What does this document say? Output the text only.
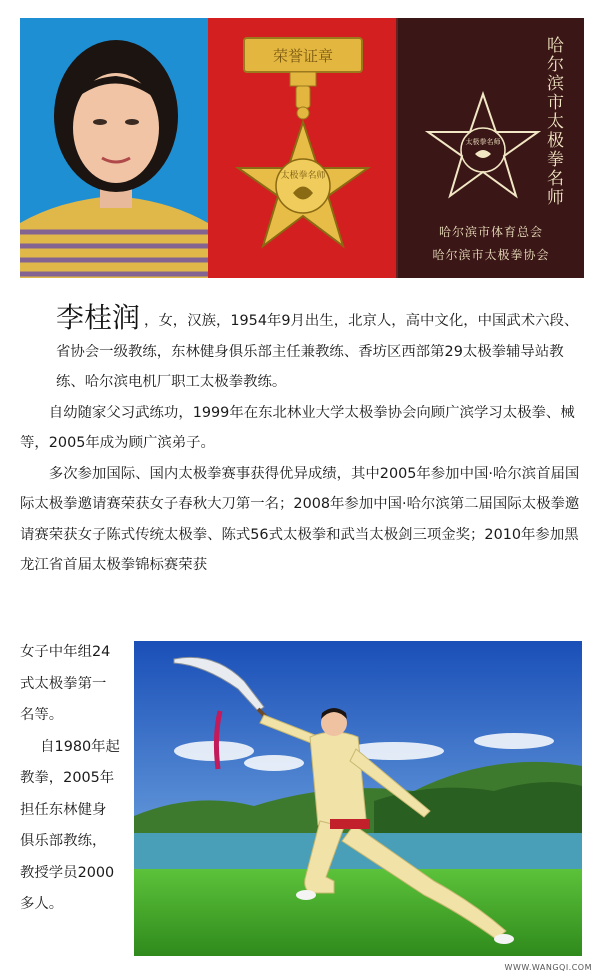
荣誉证章
太极拳名师	哈尔滨市太极拳名师
太极拳名师
哈尔滨市体育总会
哈尔滨市太极拳协会

李桂润 ，女，汉族，1954年9月出生，北京人，高中文化，中国武术六段、省协会一级教练，东林健身俱乐部主任兼教练、香坊区西部第29太极拳辅导站教练、哈尔滨电机厂职工太极拳教练。

自幼随家父习武练功，1999年在东北林业大学太极拳协会向顾广滨学习太极拳、械等，2005年成为顾广滨弟子。

多次参加国际、国内太极拳赛事获得优异成绩，其中2005年参加中国·哈尔滨首届国际太极拳邀请赛荣获女子春秋大刀第一名；2008年参加中国·哈尔滨第二届国际太极拳邀请赛荣获女子陈式传统太极拳、陈式56式太极拳和武当太极剑三项金奖；2010年参加黑龙江省首届太极拳锦标赛荣获

女子中年组24式太极拳第一名等。

自1980年起教拳，2005年担任东林健身俱乐部教练，教授学员2000多人。

WWW.WANGQI.COM
